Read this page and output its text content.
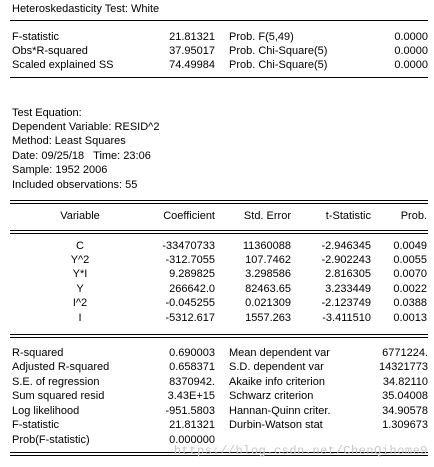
Heteroskedasticity Test: White
F-statistic	21.81321 Prob. F(5,49)	0.0000
Obs*R-squared	37.95017 Prob. Chi-Square(5)	0.0000
Scaled explained SS	74.49984 Prob. Chi-Square(5)	0.0000
Test Equation:
Dependent Variable: RESID^2
Method: Least Squares
Date: 09/25/18   Time: 23:06
Sample: 1952 2006
Included observations: 55
Variable	Coefficient	Std. Error	t-Statistic	Prob.
C	-33470733	11360088	-2.946345	0.0049
Y^2	-312.7055	107.7462	-2.902243	0.0055
Y*I	9.289825	3.298586	2.816305	0.0070
Y	266642.0	82463.65	3.233449	0.0022
I^2	-0.045255	0.021309	-2.123749	0.0388
I	-5312.617	1557.263	-3.411510	0.0013
R-squared	0.690003 Mean dependent var	6771224.
Adjusted R-squared	0.658371 S.D. dependent var	14321773
S.E. of regression	8370942. Akaike info criterion	34.82110
Sum squared resid	3.43E+15 Schwarz criterion	35.04008
Log likelihood	-951.5803 Hannan-Quinn criter.	34.90578
F-statistic	21.81321 Durbin-Watson stat	1.309673
Prob(F-statistic)	0.000000
https://blog.csdn.net/ChenQihome9
